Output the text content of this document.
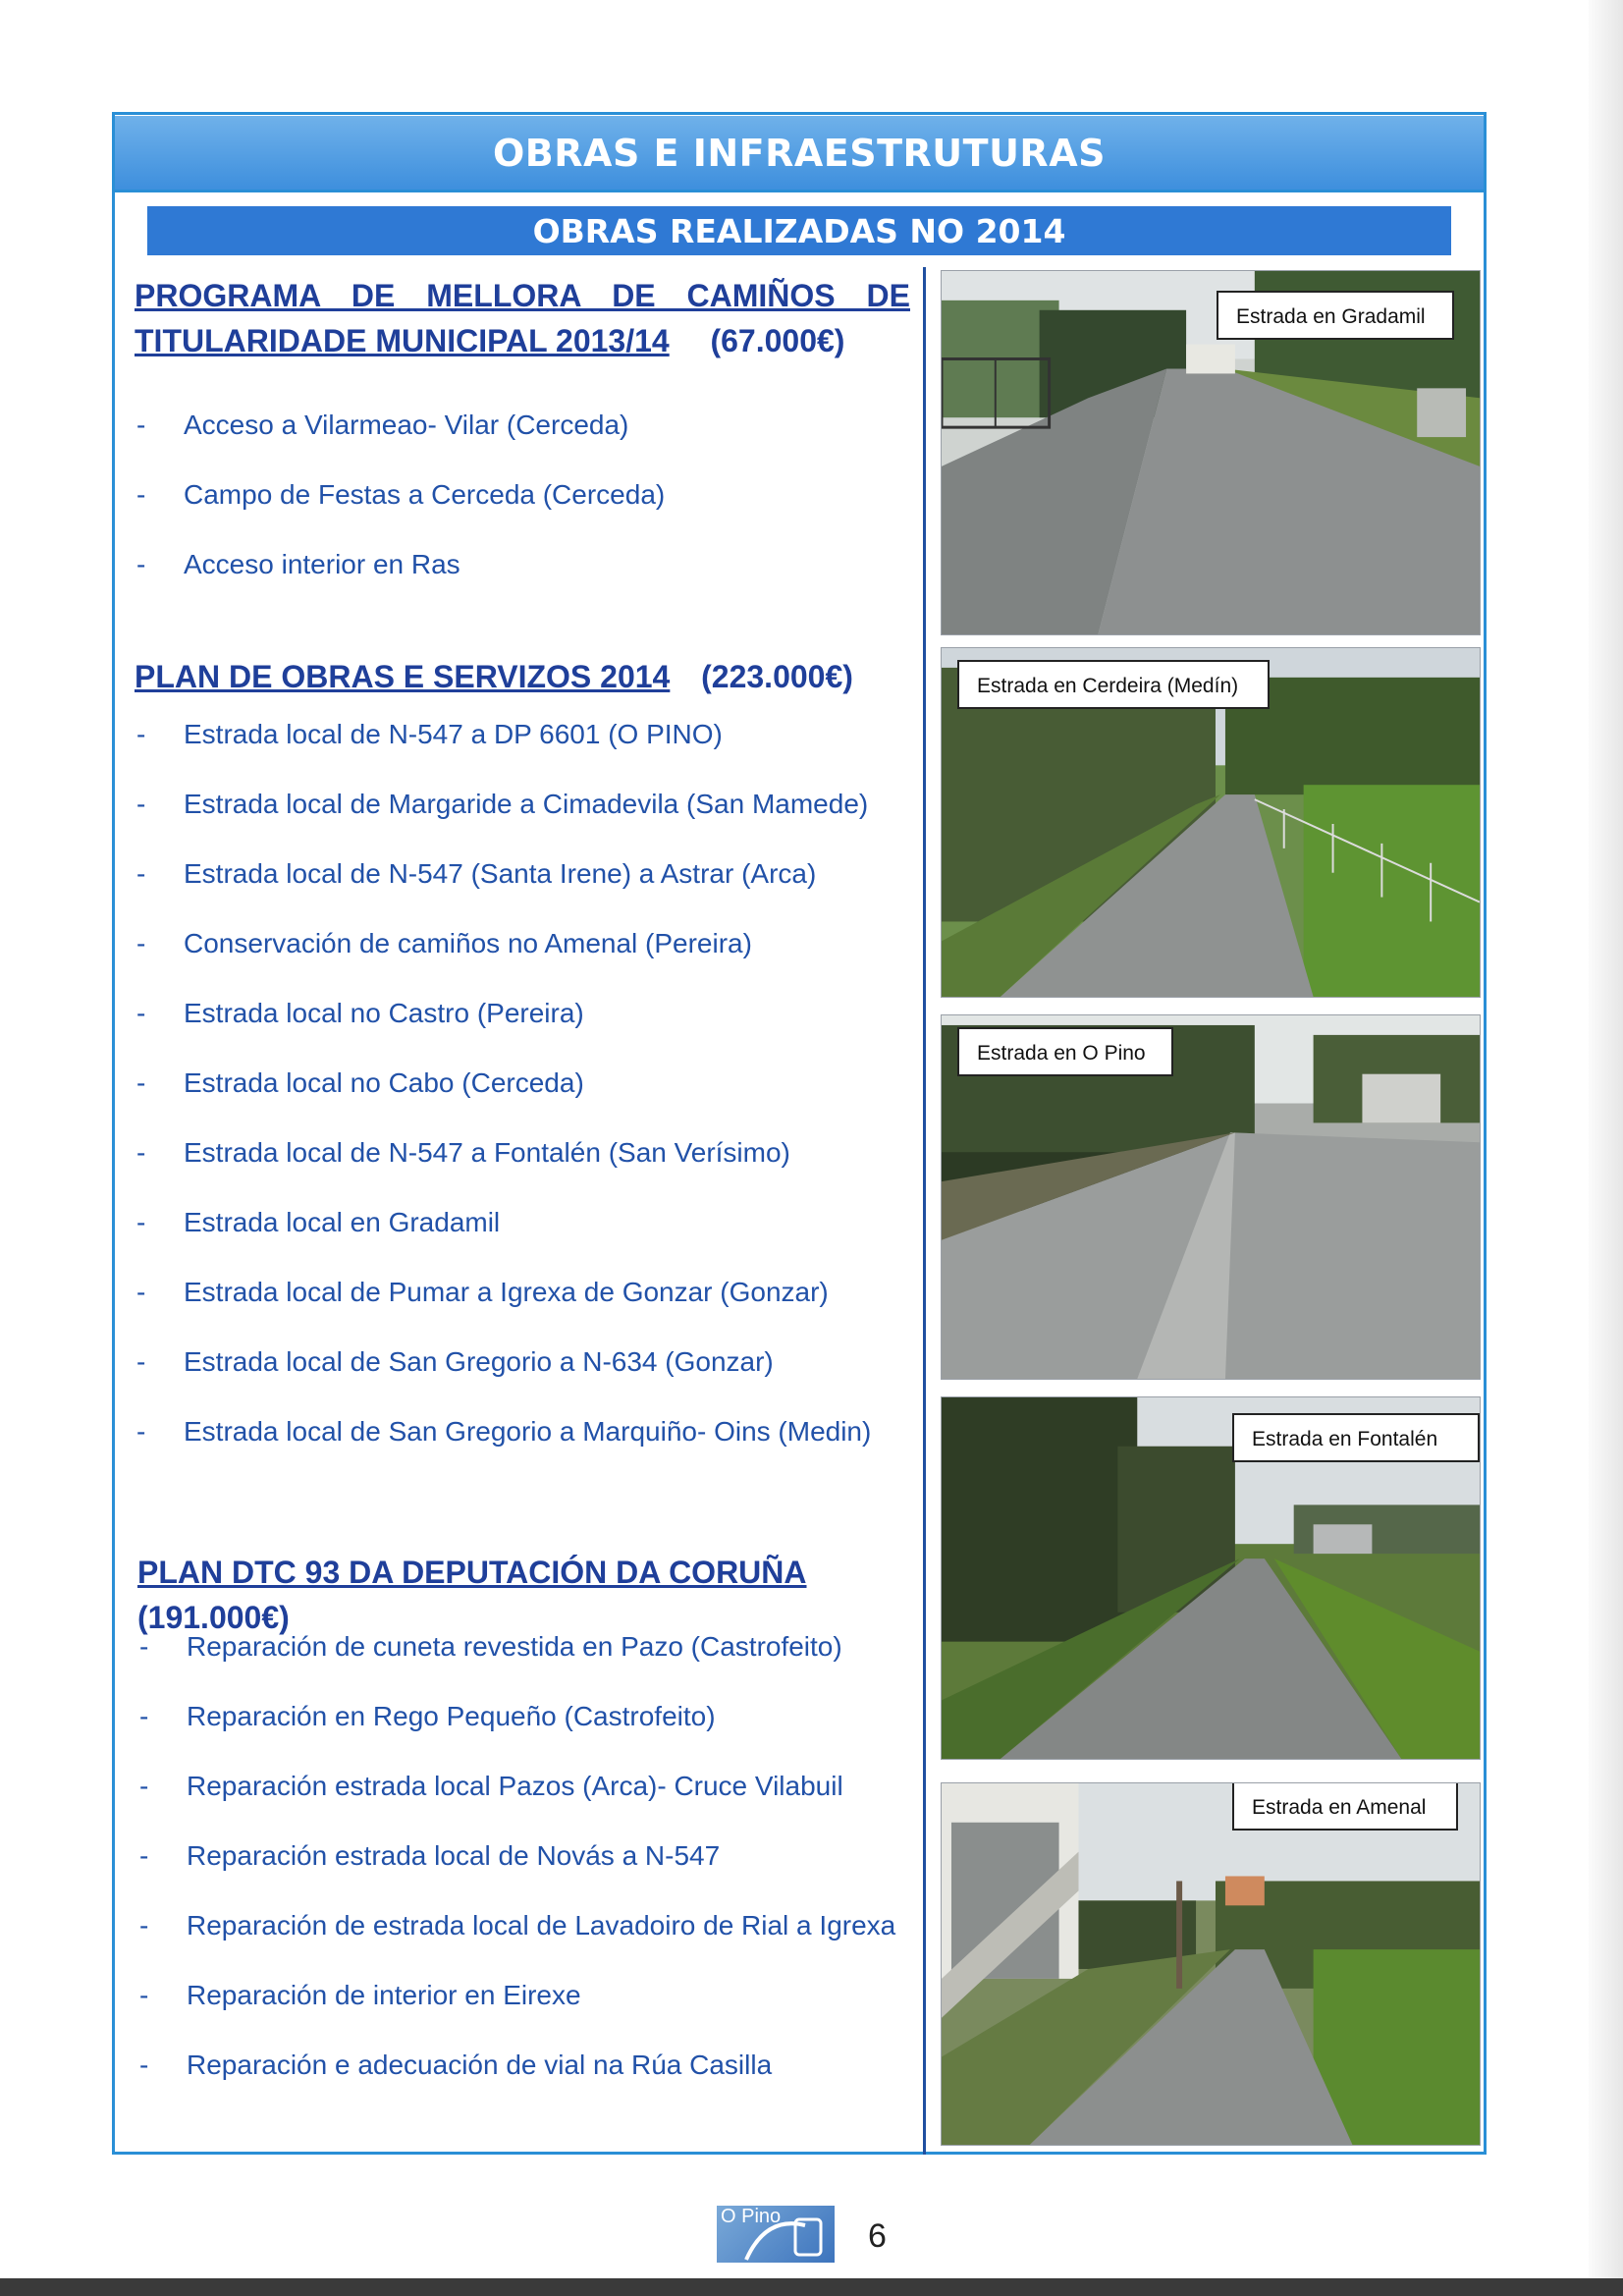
OBRAS E INFRAESTRUTURAS
OBRAS REALIZADAS NO 2014
PROGRAMA DE MELLORA DE CAMIÑOS DE
TITULARIDADE MUNICIPAL 2013/14 (67.000€)
- Acceso a Vilarmeao- Vilar (Cerceda)
- Campo de Festas a Cerceda (Cerceda)
- Acceso interior en Ras
PLAN DE OBRAS E SERVIZOS 2014 (223.000€)
- Estrada local de N-547 a DP 6601 (O PINO)
- Estrada local de Margaride a Cimadevila (San Mamede)
- Estrada local de N-547 (Santa Irene) a Astrar (Arca)
- Conservación de camiños no Amenal (Pereira)
- Estrada local no Castro (Pereira)
- Estrada local no Cabo (Cerceda)
- Estrada local de N-547 a Fontalén (San Verísimo)
- Estrada local en Gradamil
- Estrada local de Pumar a Igrexa de Gonzar (Gonzar)
- Estrada local de San Gregorio a N-634 (Gonzar)
- Estrada local de San Gregorio a Marquiño- Oins (Medin)
PLAN DTC 93 DA DEPUTACIÓN DA CORUÑA (191.000€)
- Reparación de cuneta revestida en Pazo (Castrofeito)
- Reparación en Rego Pequeño (Castrofeito)
- Reparación estrada local Pazos (Arca)- Cruce Vilabuil
- Reparación estrada local de Novás a N-547
- Reparación de estrada local de Lavadoiro de Rial a Igrexa
- Reparación de interior en Eirexe
- Reparación e adecuación de vial na Rúa Casilla
Estrada en Gradamil
Estrada en Cerdeira (Medín)
Estrada en O Pino
Estrada en Fontalén
Estrada en Amenal
O Pino
6
